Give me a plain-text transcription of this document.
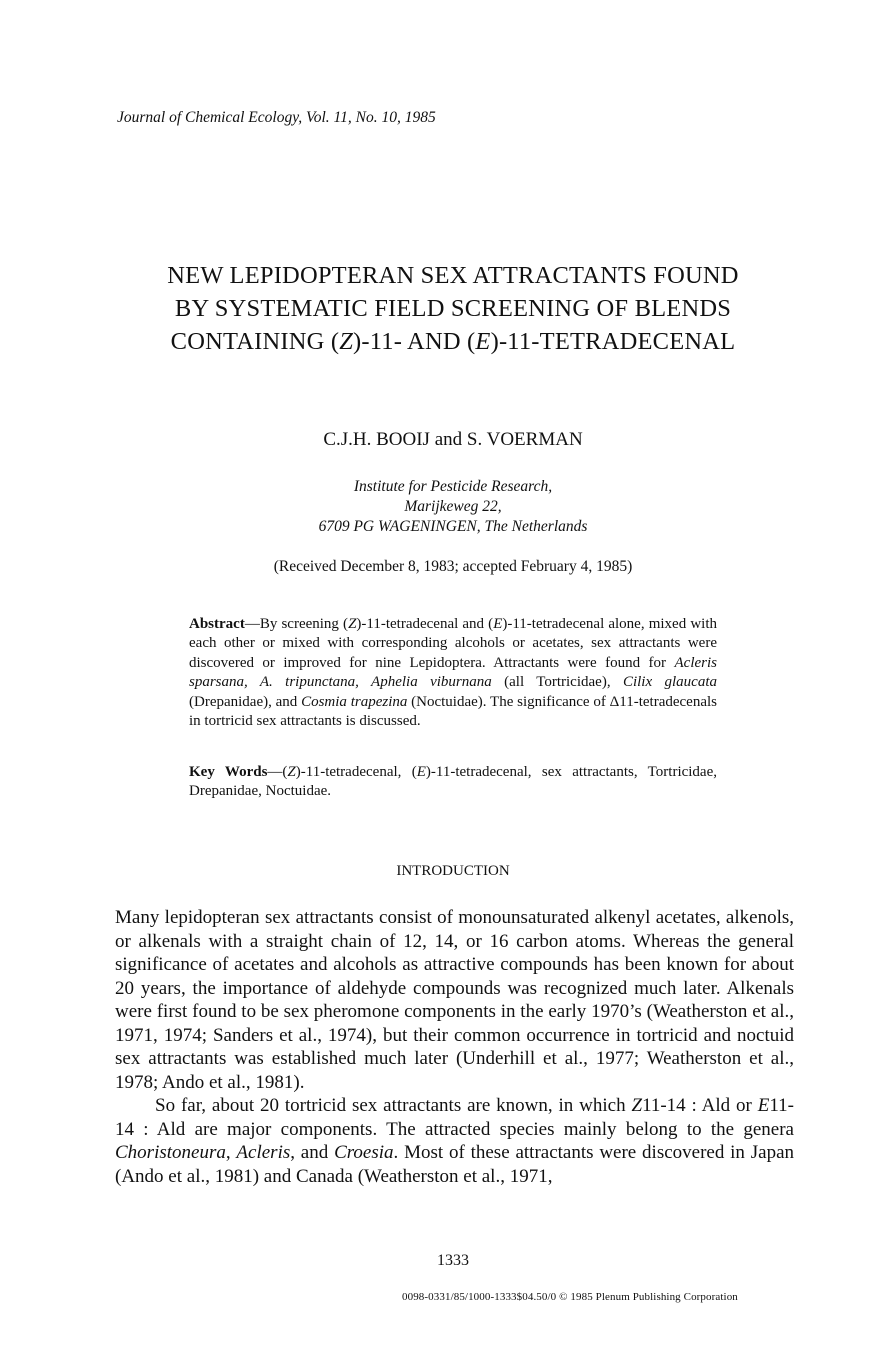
Journal of Chemical Ecology, Vol. 11, No. 10, 1985
NEW LEPIDOPTERAN SEX ATTRACTANTS FOUND
BY SYSTEMATIC FIELD SCREENING OF BLENDS
CONTAINING (Z)-11- AND (E)-11-TETRADECENAL
C.J.H. BOOIJ and S. VOERMAN
Institute for Pesticide Research,
Marijkeweg 22,
6709 PG WAGENINGEN, The Netherlands
(Received December 8, 1983; accepted February 4, 1985)
Abstract—By screening (Z)-11-tetradecenal and (E)-11-tetradecenal alone, mixed with each other or mixed with corresponding alcohols or acetates, sex attractants were discovered or improved for nine Lepidoptera. Attractants were found for Acleris sparsana, A. tripunctana, Aphelia viburnana (all Tortricidae), Cilix glaucata (Drepanidae), and Cosmia trapezina (Noctuidae). The significance of Δ11-tetradecenals in tortricid sex attractants is discussed.
Key Words—(Z)-11-tetradecenal, (E)-11-tetradecenal, sex attractants, Tortricidae, Drepanidae, Noctuidae.
INTRODUCTION

Many lepidopteran sex attractants consist of monounsaturated alkenyl acetates, alkenols, or alkenals with a straight chain of 12, 14, or 16 carbon atoms. Whereas the general significance of acetates and alcohols as attractive compounds has been known for about 20 years, the importance of aldehyde compounds was recognized much later. Alkenals were first found to be sex pheromone components in the early 1970’s (Weatherston et al., 1971, 1974; Sanders et al., 1974), but their common occurrence in tortricid and noctuid sex attractants was established much later (Underhill et al., 1977; Weatherston et al., 1978; Ando et al., 1981).

So far, about 20 tortricid sex attractants are known, in which Z11-14 : Ald or E11-14 : Ald are major components. The attracted species mainly belong to the genera Choristoneura, Acleris, and Croesia. Most of these attractants were discovered in Japan (Ando et al., 1981) and Canada (Weatherston et al., 1971,

1333
0098-0331/85/1000-1333$04.50/0 © 1985 Plenum Publishing Corporation
